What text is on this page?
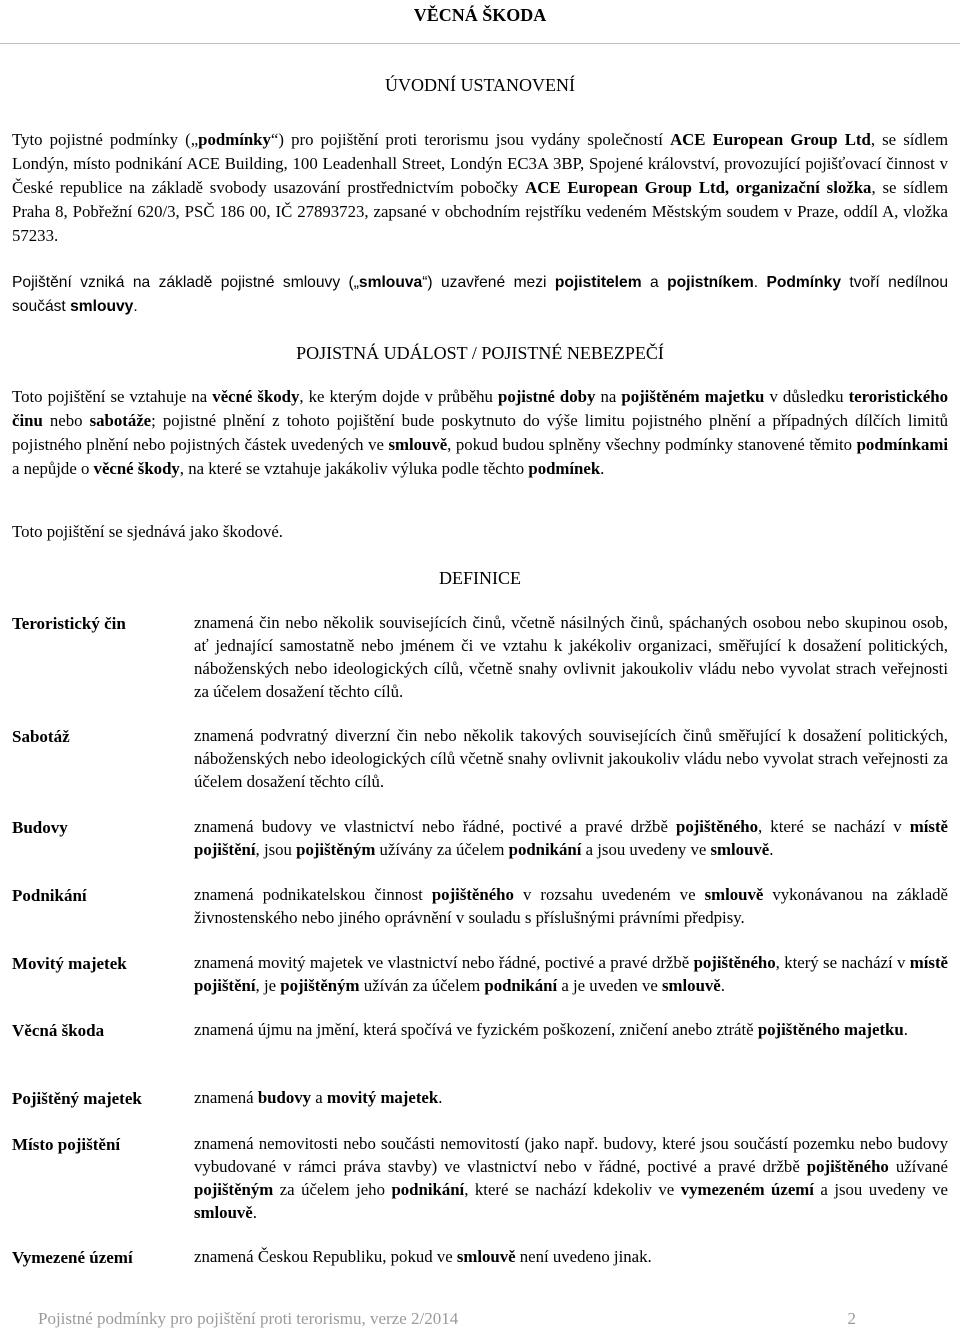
VĚCNÁ ŠKODA
ÚVODNÍ USTANOVENÍ
Tyto pojistné podmínky („podmínky“) pro pojištění proti terorismu jsou vydány společností ACE European Group Ltd, se sídlem Londýn, místo podnikání ACE Building, 100 Leadenhall Street, Londýn EC3A 3BP, Spojené království, provozující pojišťovací činnost v České republice na základě svobody usazování prostřednictvím pobočky ACE European Group Ltd, organizační složka, se sídlem Praha 8, Pobřežní 620/3, PSČ 186 00, IČ 27893723, zapsané v obchodním rejstříku vedeném Městským soudem v Praze, oddíl A, vložka 57233.
Pojištění vzniká na základě pojistné smlouvy („smlouva“) uzavřené mezi pojistitelem a pojistníkem. Podmínky tvoří nedílnou součást smlouvy.
POJISTNÁ UDÁLOST / POJISTNÉ NEBEZPEČÍ
Toto pojištění se vztahuje na věcné škody, ke kterým dojde v průběhu pojistné doby na pojištěném majetku v důsledku teroristického činu nebo sabotáže; pojistné plnění z tohoto pojištění bude poskytnuto do výše limitu pojistného plnění a případných dílčích limitů pojistného plnění nebo pojistných částek uvedených ve smlouvě, pokud budou splněny všechny podmínky stanovené těmito podmínkami a nepůjde o věcné škody, na které se vztahuje jakákoliv výluka podle těchto podmínek.
Toto pojištění se sjednává jako škodové.
DEFINICE
Teroristický čin	znamená čin nebo několik souvisejících činů, včetně násilných činů, spáchaných osobou nebo skupinou osob, ať jednající samostatně nebo jménem či ve vztahu k jakékoliv organizaci, směřující k dosažení politických, náboženských nebo ideologických cílů, včetně snahy ovlivnit jakoukoliv vládu nebo vyvolat strach veřejnosti za účelem dosažení těchto cílů.
Sabotáž	znamená podvratný diverzní čin nebo několik takových souvisejících činů směřující k dosažení politických, náboženských nebo ideologických cílů včetně snahy ovlivnit jakoukoliv vládu nebo vyvolat strach veřejnosti za účelem dosažení těchto cílů.
Budovy	znamená budovy ve vlastnictví nebo řádné, poctivé a pravé držbě pojištěného, které se nachází v místě pojištění, jsou pojištěným užívány za účelem podnikání a jsou uvedeny ve smlouvě.
Podnikání	znamená podnikatelskou činnost pojištěného v rozsahu uvedeném ve smlouvě vykonávanou na základě živnostenského nebo jiného oprávnění v souladu s příslušnými právními předpisy.
Movitý majetek	znamená movitý majetek ve vlastnictví nebo řádné, poctivé a pravé držbě pojištěného, který se nachází v místě pojištění, je pojištěným užíván za účelem podnikání a je uveden ve smlouvě.
Věcná škoda	znamená újmu na jmění, která spočívá ve fyzickém poškození, zničení anebo ztrátě pojištěného majetku.
Pojištěný majetek	znamená budovy a movitý majetek.
Místo pojištění	znamená nemovitosti nebo součásti nemovitostí (jako např. budovy, které jsou součástí pozemku nebo budovy vybudované v rámci práva stavby) ve vlastnictví nebo v řádné, poctivé a pravé držbě pojištěného užívané pojištěným za účelem jeho podnikání, které se nachází kdekoliv ve vymezeném území a jsou uvedeny ve smlouvě.
Vymezené území	znamená Českou Republiku, pokud ve smlouvě není uvedeno jinak.
Pojistné podmínky pro pojištění proti terorismu, verze 2/2014	2
